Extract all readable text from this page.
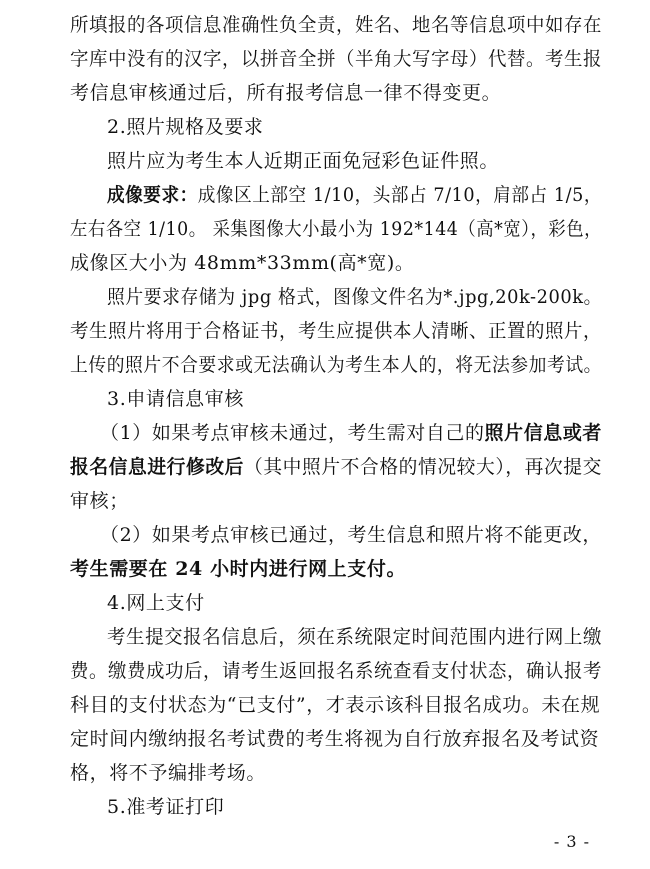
所填报的各项信息准确性负全责，姓名、地名等信息项中如存在
字库中没有的汉字，以拼音全拼（半角大写字母）代替。考生报
考信息审核通过后，所有报考信息一律不得变更。
2.照片规格及要求
照片应为考生本人近期正面免冠彩色证件照。
成像要求：成像区上部空 1/10，头部占 7/10，肩部占 1/5，
左右各空 1/10。 采集图像大小最小为 192*144（高*宽），彩色，
成像区大小为 48mm*33mm(高*宽)。
照片要求存储为 jpg 格式，图像文件名为*.jpg,20k-200k。
考生照片将用于合格证书，考生应提供本人清晰、正置的照片，
上传的照片不合要求或无法确认为考生本人的，将无法参加考试。
3.申请信息审核
（1）如果考点审核未通过，考生需对自己的照片信息或者
报名信息进行修改后（其中照片不合格的情况较大），再次提交
审核；
（2）如果考点审核已通过，考生信息和照片将不能更改，
考生需要在 24 小时内进行网上支付。
4.网上支付
考生提交报名信息后，须在系统限定时间范围内进行网上缴
费。缴费成功后，请考生返回报名系统查看支付状态，确认报考
科目的支付状态为“已支付”，才表示该科目报名成功。未在规
定时间内缴纳报名考试费的考生将视为自行放弃报名及考试资
格，将不予编排考场。
5.准考证打印
- 3 -
